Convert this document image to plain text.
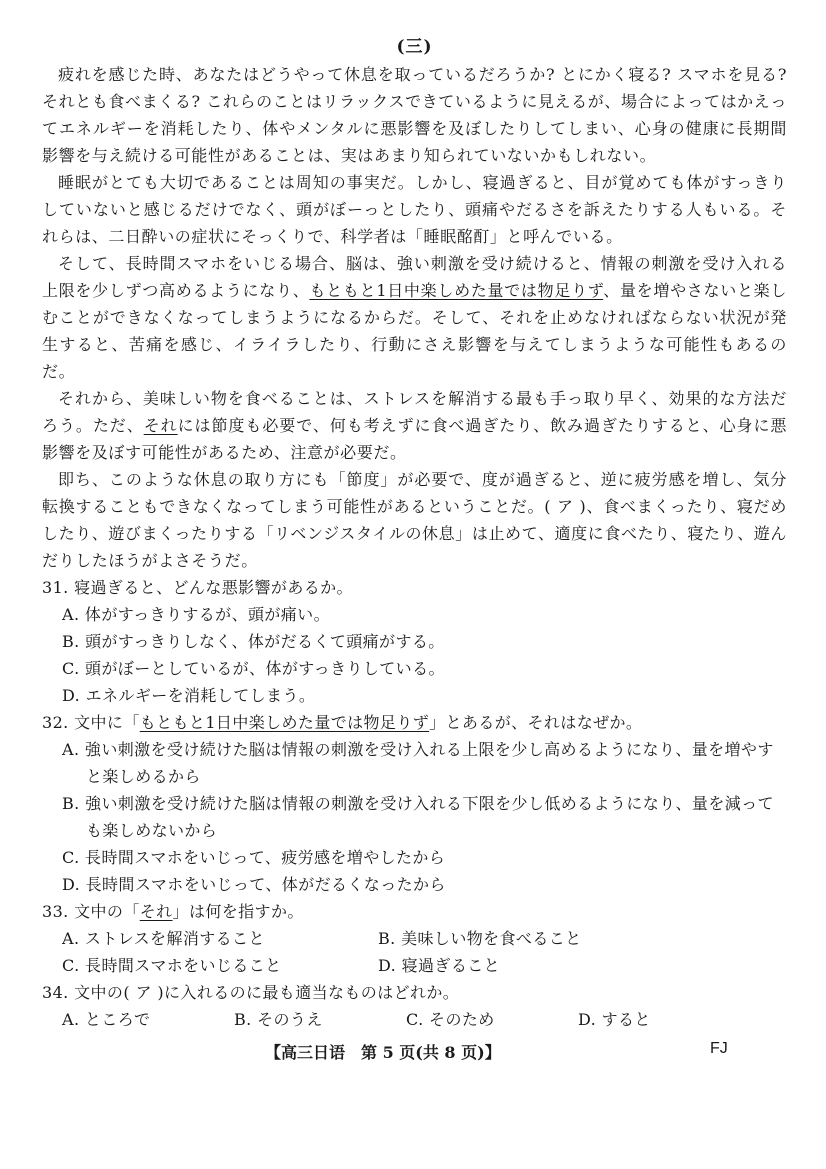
(三)

疲れを感じた時、あなたはどうやって休息を取っているだろうか? とにかく寝る? スマホを見る? それとも食べまくる? これらのことはリラックスできているように見えるが、場合によってはかえってエネルギーを消耗したり、体やメンタルに悪影響を及ぼしたりしてしまい、心身の健康に長期間影響を与え続ける可能性があることは、実はあまり知られていないかもしれない。

睡眠がとても大切であることは周知の事実だ。しかし、寝過ぎると、目が覚めても体がすっきりしていないと感じるだけでなく、頭がぼーっとしたり、頭痛やだるさを訴えたりする人もいる。それらは、二日酔いの症状にそっくりで、科学者は「睡眠酩酊」と呼んでいる。

そして、長時間スマホをいじる場合、脳は、強い刺激を受け続けると、情報の刺激を受け入れる上限を少しずつ高めるようになり、もともと1日中楽しめた量では物足りず、量を増やさないと楽しむことができなくなってしまうようになるからだ。そして、それを止めなければならない状況が発生すると、苦痛を感じ、イライラしたり、行動にさえ影響を与えてしまうような可能性もあるのだ。

それから、美味しい物を食べることは、ストレスを解消する最も手っ取り早く、効果的な方法だろう。ただ、それには節度も必要で、何も考えずに食べ過ぎたり、飲み過ぎたりすると、心身に悪影響を及ぼす可能性があるため、注意が必要だ。

即ち、このような休息の取り方にも「節度」が必要で、度が過ぎると、逆に疲労感を増し、気分転換することもできなくなってしまう可能性があるということだ。( ア )、食べまくったり、寝だめしたり、遊びまくったりする「リベンジスタイルの休息」は止めて、適度に食べたり、寝たり、遊んだりしたほうがよさそうだ。

31. 寝過ぎると、どんな悪影響があるか。

A. 体がすっきりするが、頭が痛い。

B. 頭がすっきりしなく、体がだるくて頭痛がする。

C. 頭がぼーとしているが、体がすっきりしている。

D. エネルギーを消耗してしまう。

32. 文中に「もともと1日中楽しめた量では物足りず」とあるが、それはなぜか。

A. 強い刺激を受け続けた脳は情報の刺激を受け入れる上限を少し高めるようになり、量を増やすと楽しめるから

B. 強い刺激を受け続けた脳は情報の刺激を受け入れる下限を少し低めるようになり、量を減っても楽しめないから

C. 長時間スマホをいじって、疲労感を増やしたから

D. 長時間スマホをいじって、体がだるくなったから

33. 文中の「それ」は何を指すか。

A. ストレスを解消すること	B. 美味しい物を食べること
C. 長時間スマホをいじること	D. 寝過ぎること

34. 文中の( ア )に入れるのに最も適当なものはどれか。

A. ところで	B. そのうえ	C. そのため	D. すると
【高三日语　第 5 页(共 8 页)】	FJ
